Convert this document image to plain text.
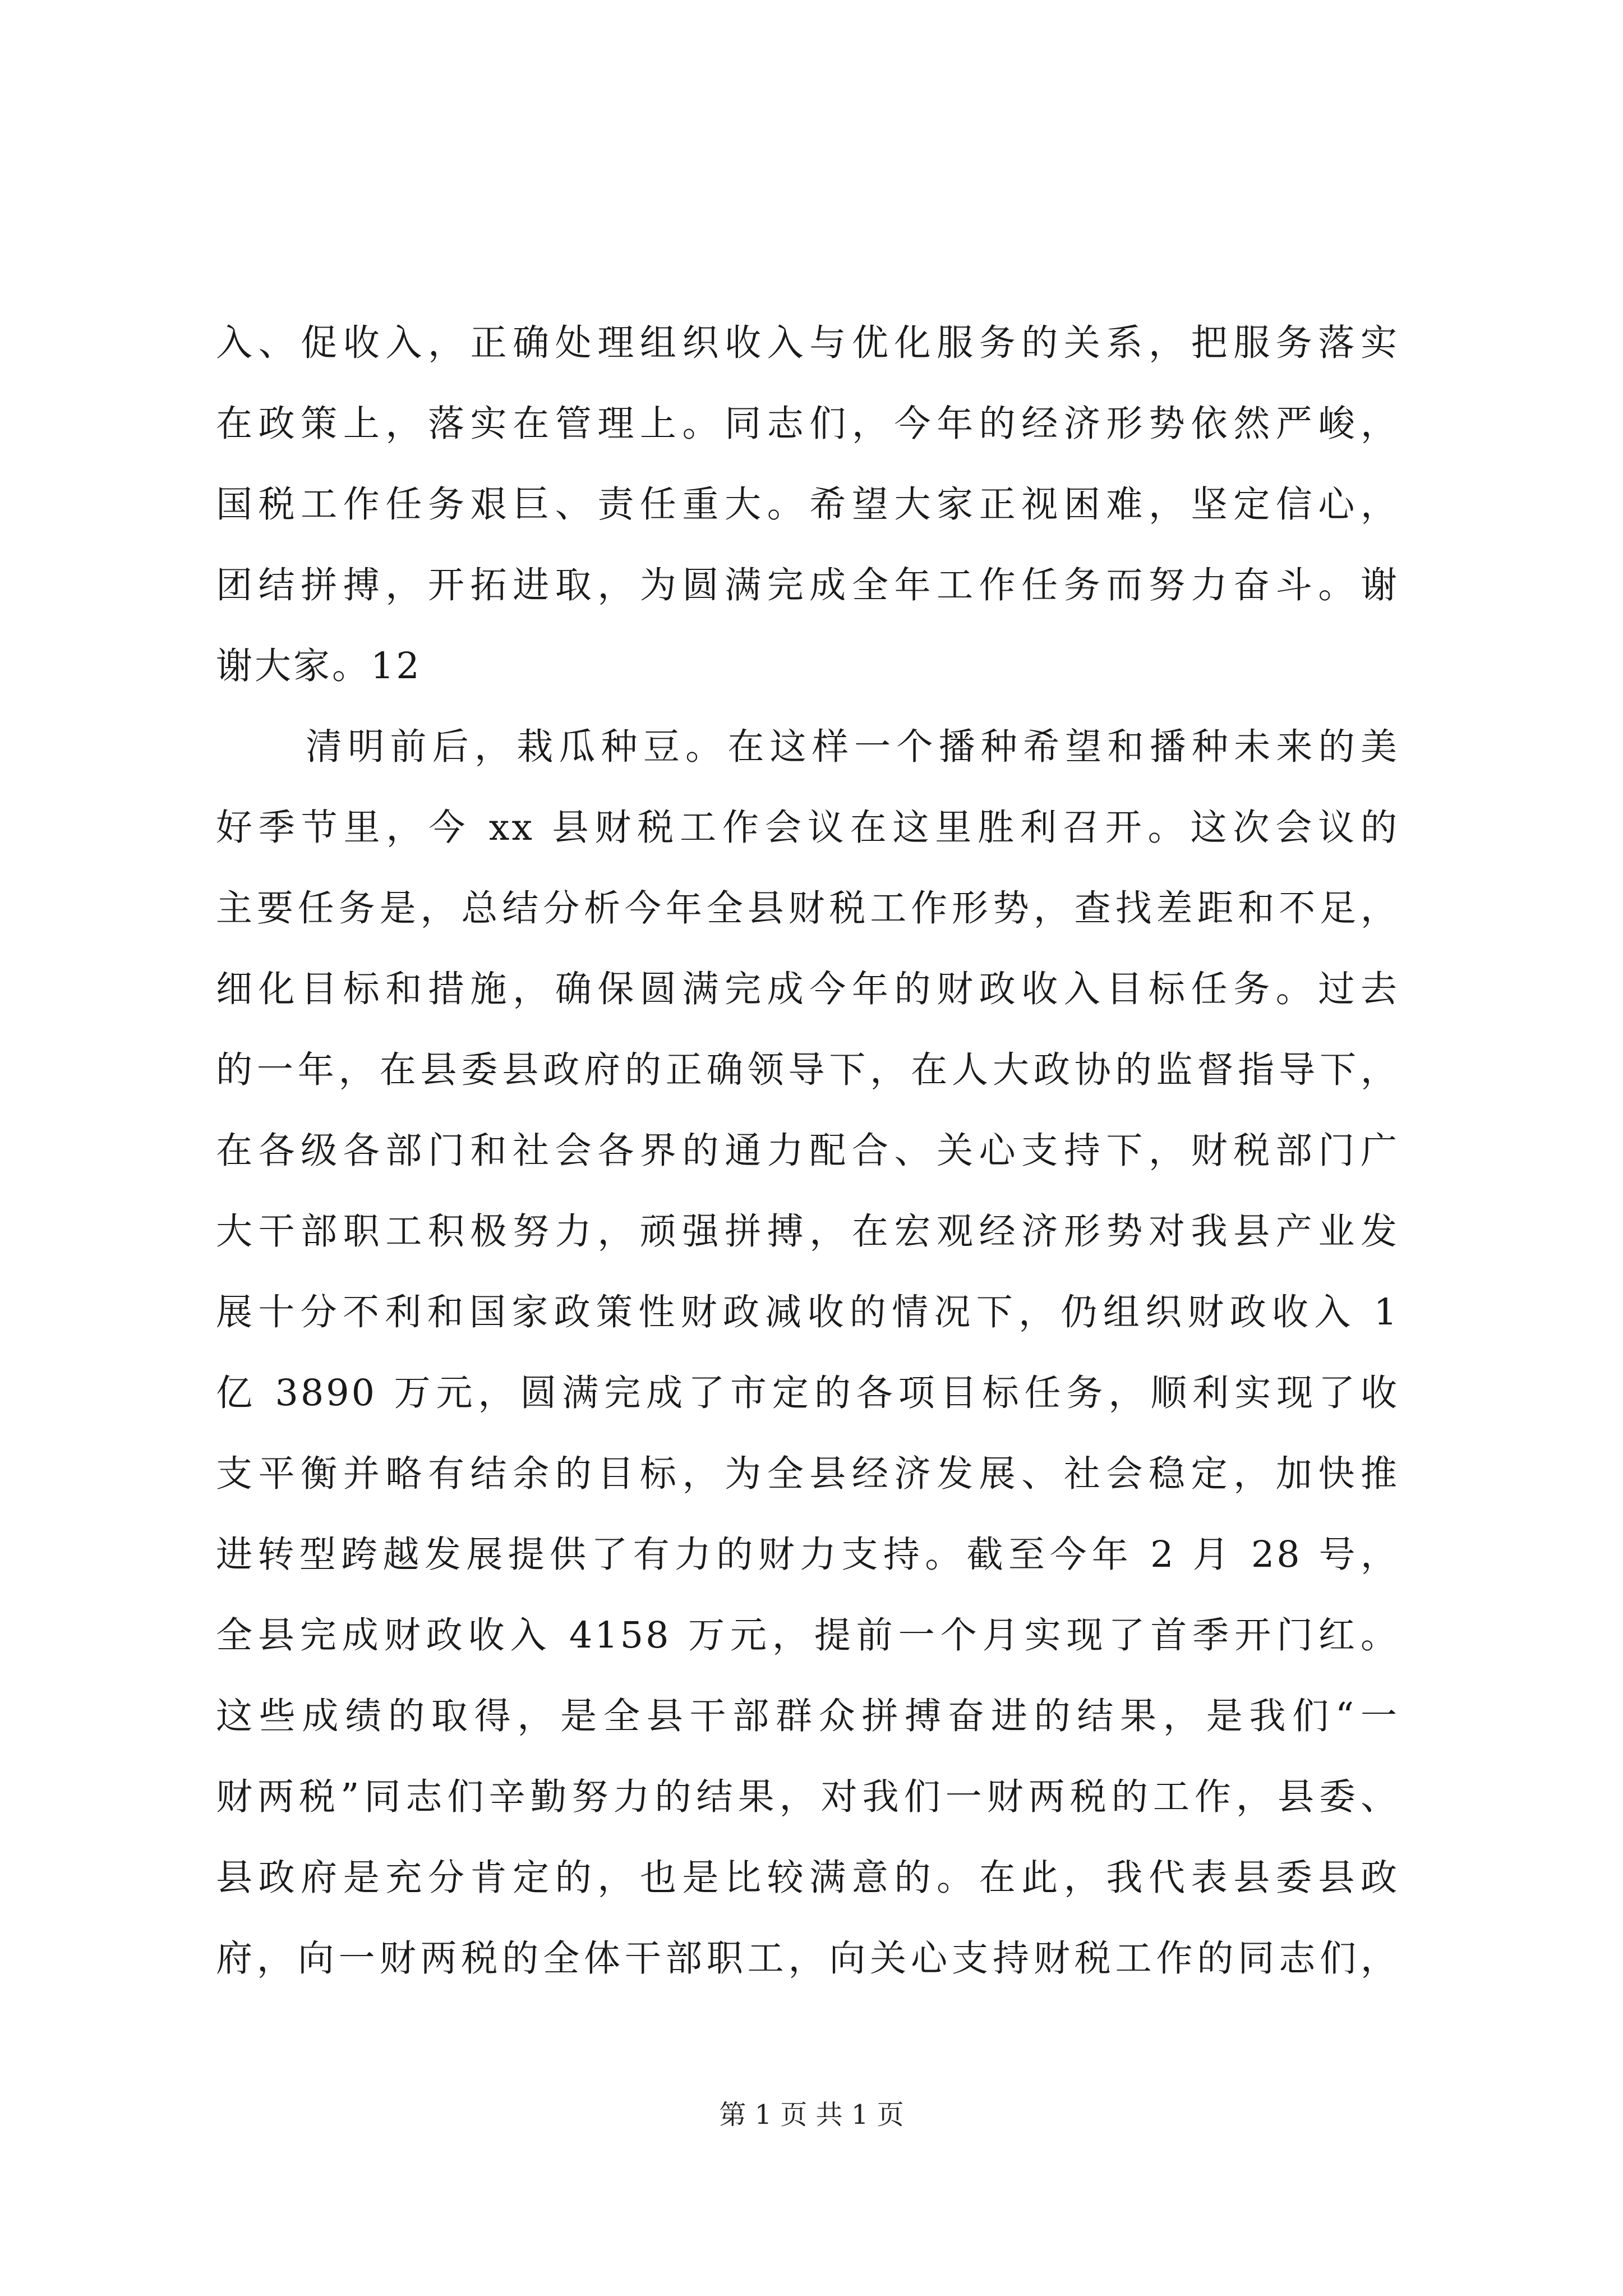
入、促收入，正确处理组织收入与优化服务的关系，把服务落实
在政策上，落实在管理上。同志们，今年的经济形势依然严峻，
国税工作任务艰巨、责任重大。希望大家正视困难，坚定信心，
团结拼搏，开拓进取，为圆满完成全年工作任务而努力奋斗。谢
谢大家。12
清明前后，栽瓜种豆。在这样一个播种希望和播种未来的美
好季节里，今 xx 县财税工作会议在这里胜利召开。这次会议的
主要任务是，总结分析今年全县财税工作形势，查找差距和不足，
细化目标和措施，确保圆满完成今年的财政收入目标任务。过去
的一年，在县委县政府的正确领导下，在人大政协的监督指导下，
在各级各部门和社会各界的通力配合、关心支持下，财税部门广
大干部职工积极努力，顽强拼搏，在宏观经济形势对我县产业发
展十分不利和国家政策性财政减收的情况下，仍组织财政收入 1
亿 3890 万元，圆满完成了市定的各项目标任务，顺利实现了收
支平衡并略有结余的目标，为全县经济发展、社会稳定，加快推
进转型跨越发展提供了有力的财力支持。截至今年 2 月 28 号，
全县完成财政收入 4158 万元，提前一个月实现了首季开门红。
这些成绩的取得，是全县干部群众拼搏奋进的结果，是我们“一
财两税”同志们辛勤努力的结果，对我们一财两税的工作，县委、
县政府是充分肯定的，也是比较满意的。在此，我代表县委县政
府，向一财两税的全体干部职工，向关心支持财税工作的同志们，
第 1 页 共 1 页
